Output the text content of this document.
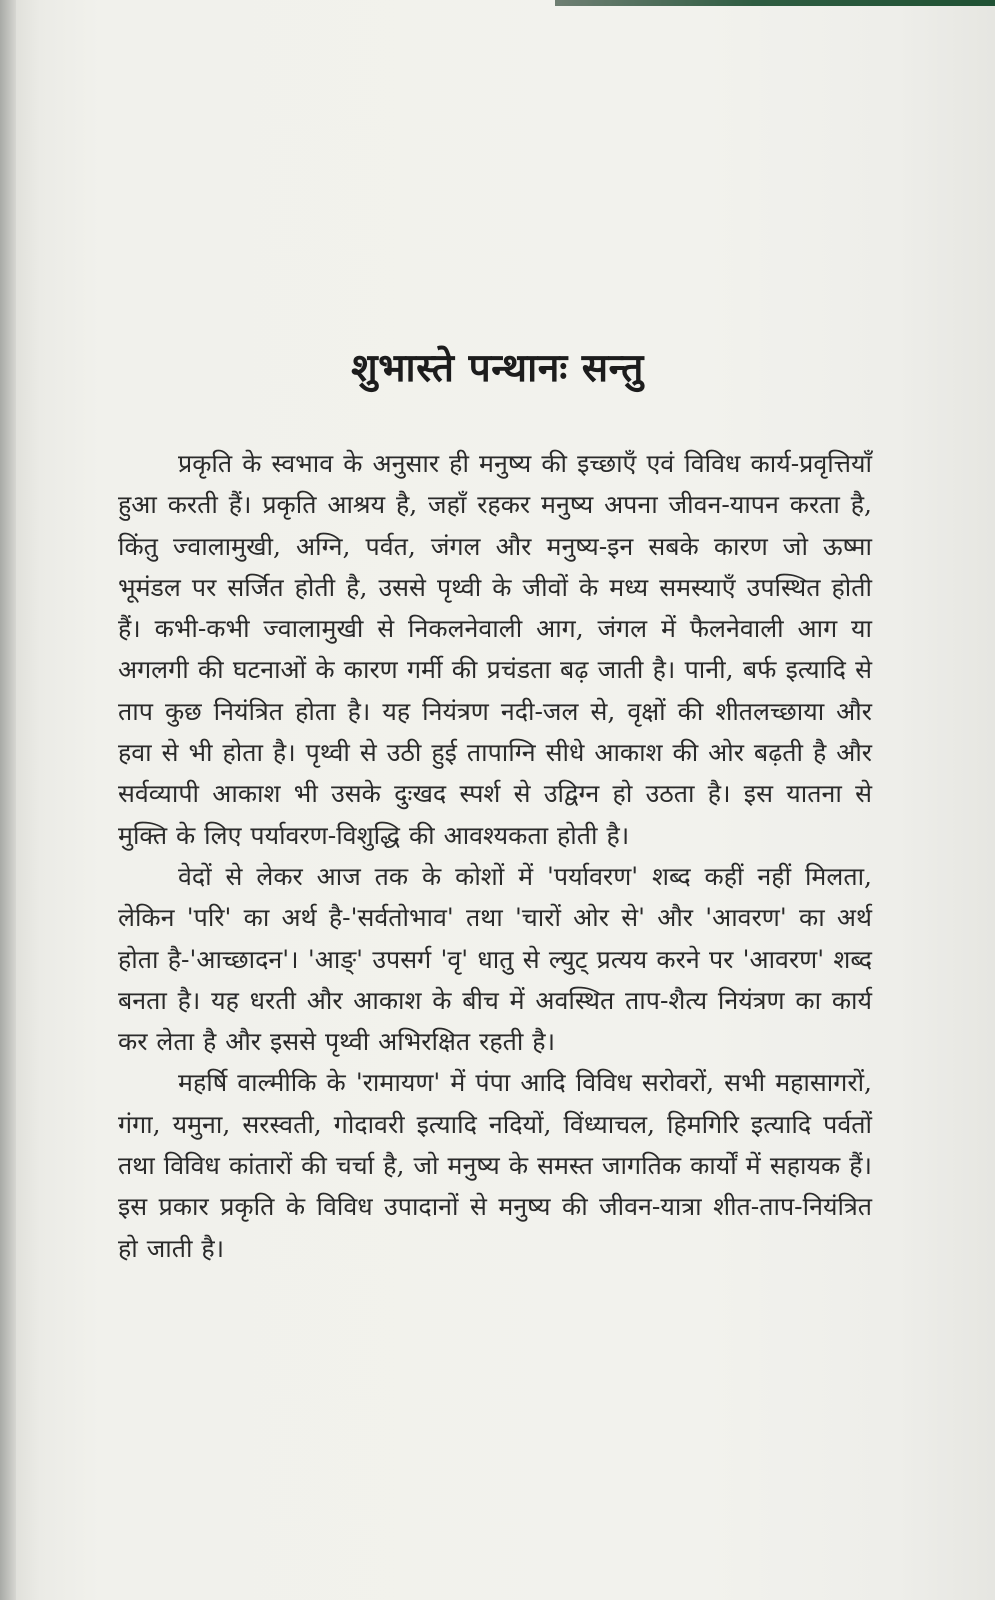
शुभास्ते पन्थानः सन्तु

प्रकृति के स्वभाव के अनुसार ही मनुष्य की इच्छाएँ एवं विविध कार्य-प्रवृत्तियाँ हुआ करती हैं। प्रकृति आश्रय है, जहाँ रहकर मनुष्य अपना जीवन-यापन करता है, किंतु ज्वालामुखी, अग्नि, पर्वत, जंगल और मनुष्य-इन सबके कारण जो ऊष्मा भूमंडल पर सर्जित होती है, उससे पृथ्वी के जीवों के मध्य समस्याएँ उपस्थित होती हैं। कभी-कभी ज्वालामुखी से निकलनेवाली आग, जंगल में फैलनेवाली आग या अगलगी की घटनाओं के कारण गर्मी की प्रचंडता बढ़ जाती है। पानी, बर्फ इत्यादि से ताप कुछ नियंत्रित होता है। यह नियंत्रण नदी-जल से, वृक्षों की शीतलच्छाया और हवा से भी होता है। पृथ्वी से उठी हुई तापाग्नि सीधे आकाश की ओर बढ़ती है और सर्वव्यापी आकाश भी उसके दुःखद स्पर्श से उद्विग्न हो उठता है। इस यातना से मुक्ति के लिए पर्यावरण-विशुद्धि की आवश्यकता होती है।

वेदों से लेकर आज तक के कोशों में 'पर्यावरण' शब्द कहीं नहीं मिलता, लेकिन 'परि' का अर्थ है-'सर्वतोभाव' तथा 'चारों ओर से' और 'आवरण' का अर्थ होता है-'आच्छादन'। 'आङ्' उपसर्ग 'वृ' धातु से ल्युट् प्रत्यय करने पर 'आवरण' शब्द बनता है। यह धरती और आकाश के बीच में अवस्थित ताप-शैत्य नियंत्रण का कार्य कर लेता है और इससे पृथ्वी अभिरक्षित रहती है।

महर्षि वाल्मीकि के 'रामायण' में पंपा आदि विविध सरोवरों, सभी महासागरों, गंगा, यमुना, सरस्वती, गोदावरी इत्यादि नदियों, विंध्याचल, हिमगिरि इत्यादि पर्वतों तथा विविध कांतारों की चर्चा है, जो मनुष्य के समस्त जागतिक कार्यों में सहायक हैं। इस प्रकार प्रकृति के विविध उपादानों से मनुष्य की जीवन-यात्रा शीत-ताप-नियंत्रित हो जाती है।
